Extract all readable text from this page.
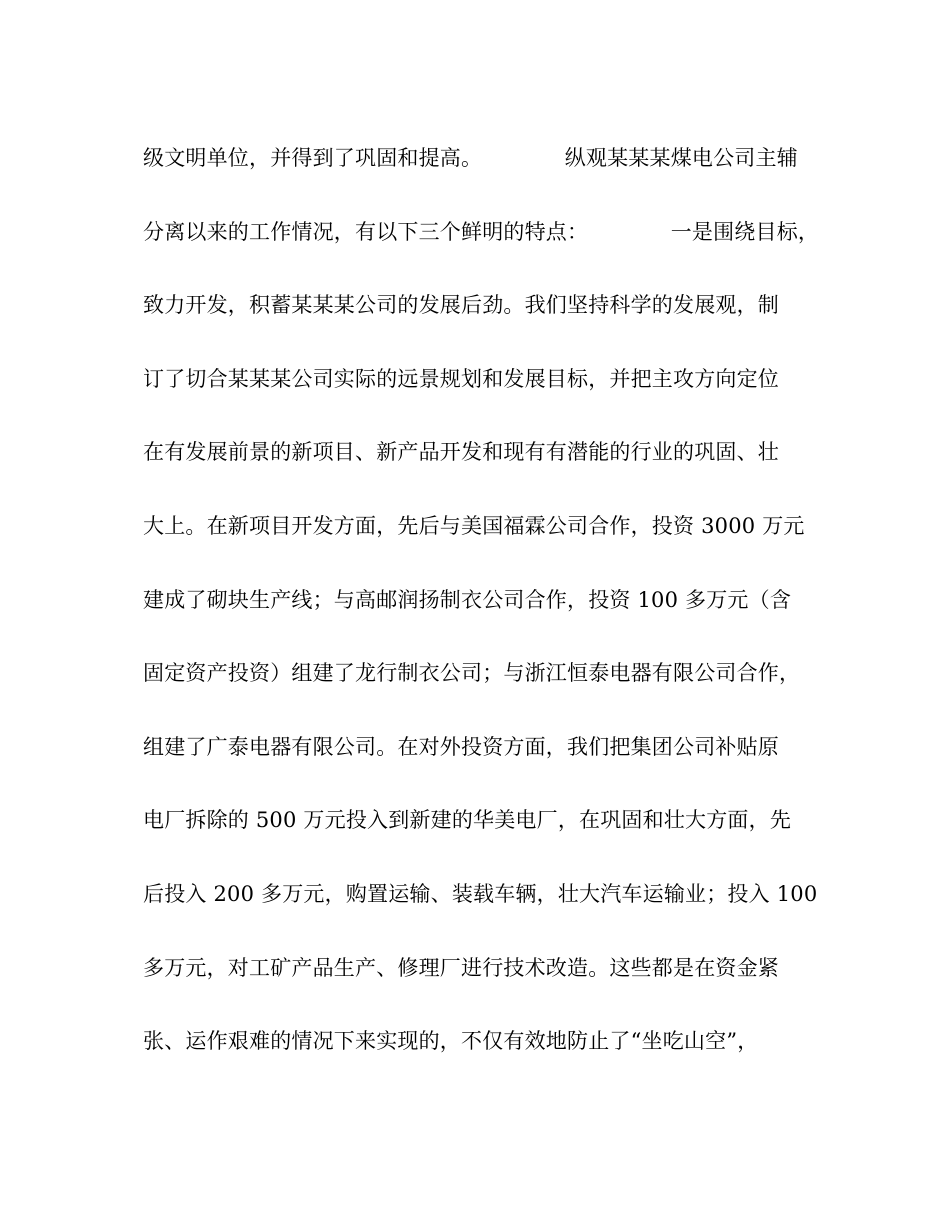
级文明单位，并得到了巩固和提高。            纵观某某某煤电公司主辅
分离以来的工作情况，有以下三个鲜明的特点：            一是围绕目标，
致力开发，积蓄某某某公司的发展后劲。我们坚持科学的发展观，制
订了切合某某某公司实际的远景规划和发展目标，并把主攻方向定位
在有发展前景的新项目、新产品开发和现有有潜能的行业的巩固、壮
大上。在新项目开发方面，先后与美国福霖公司合作，投资 3000 万元
建成了砌块生产线；与高邮润扬制衣公司合作，投资 100 多万元（含
固定资产投资）组建了龙行制衣公司；与浙江恒泰电器有限公司合作，
组建了广泰电器有限公司。在对外投资方面，我们把集团公司补贴原
电厂拆除的 500 万元投入到新建的华美电厂，在巩固和壮大方面，先
后投入 200 多万元，购置运输、装载车辆，壮大汽车运输业；投入 100
多万元，对工矿产品生产、修理厂进行技术改造。这些都是在资金紧
张、运作艰难的情况下来实现的，不仅有效地防止了“坐吃山空”，
